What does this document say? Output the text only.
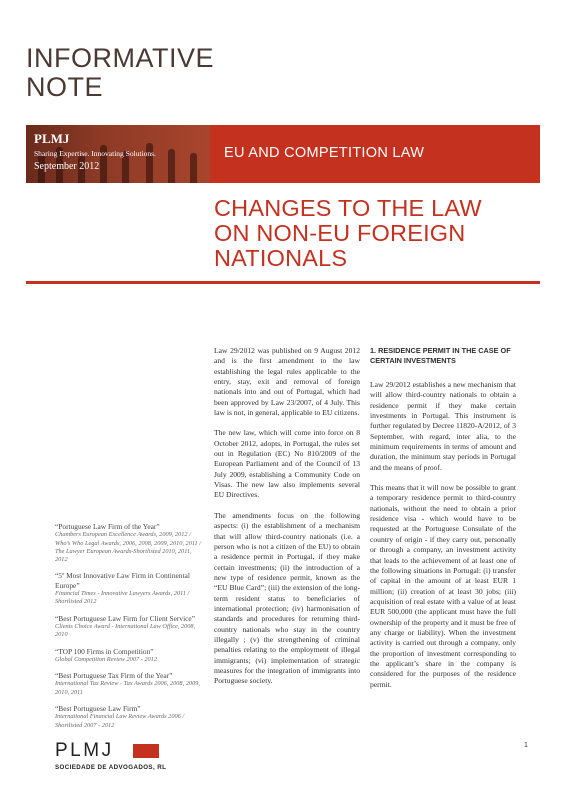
INFORMATIVE
NOTE
PLMJ
Sharing Expertise. Innovating Solutions.
September 2012
EU AND COMPETITION LAW
CHANGES TO THE LAW
ON NON-EU FOREIGN
NATIONALS

Law 29/2012 was published on 9 August 2012 and is the first amendment to the law establishing the legal rules applicable to the entry, stay, exit and removal of foreign nationals into and out of Portugal, which had been approved by Law 23/2007, of 4 July. This law is not, in general, applicable to EU citizens.

The new law, which will come into force on 8 October 2012, adopts, in Portugal, the rules set out in Regulation (EC) No 810/2009 of the European Parliament and of the Council of 13 July 2009, establishing a Community Code on Visas. The new law also implements several EU Directives.

The amendments focus on the following aspects: (i) the establishment of a mechanism that will allow third-country nationals (i.e. a person who is not a citizen of the EU) to obtain a residence permit in Portugal, if they make certain investments; (ii) the introduction of a new type of residence permit, known as the “EU Blue Card”; (iii) the extension of the long-term resident status to beneficiaries of international protection; (iv) harmonisation of standards and procedures for returning third-country nationals who stay in the country illegally ; (v) the strengthening of criminal penalties relating to the employment of illegal immigrants; (vi) implementation of strategic measures for the integration of immigrants into Portuguese society.

1. RESIDENCE PERMIT IN THE CASE OF CERTAIN INVESTMENTS

Law 29/2012 establishes a new mechanism that will allow third-country nationals to obtain a residence permit if they make certain investments in Portugal. This instrument is further regulated by Decree 11820-A/2012, of 3 September, with regard, inter alia, to the minimum requirements in terms of amount and duration, the minimum stay periods in Portugal and the means of proof.

This means that it will now be possible to grant a temporary residence permit to third-country nationals, without the need to obtain a prior residence visa - which would have to be requested at the Portuguese Consulate of the country of origin - if they carry out, personally or through a company, an investment activity that leads to the achievement of at least one of the following situations in Portugal: (i) transfer of capital in the amount of at least EUR 1 million; (ii) creation of at least 30 jobs; (iii) acquisition of real estate with a value of at least EUR 500,000 (the applicant must have the full ownership of the property and it must be free of any charge or liability). When the investment activity is carried out through a company, only the proportion of investment corresponding to the applicant’s share in the company is considered for the purposes of the residence permit.

“Portuguese Law Firm of the Year”
Chambers European Excellence Awards, 2009, 2012 / Who’s Who Legal Awards, 2006, 2008, 2009, 2010, 2011 / The Lawyer European Awards-Shortlisted 2010, 2011, 2012
“5º Most Innovative Law Firm in Continental Europe”
Financial Times - Innovative Lawyers Awards, 2011 / Shortlisted 2012
“Best Portuguese Law Firm for Client Service”
Clients Choice Award - International Law Office, 2008, 2010
“TOP 100 Firms in Competition”
Global Competition Review 2007 - 2012
“Best Portuguese Tax Firm of the Year”
International Tax Review - Tax Awards 2006, 2008, 2009, 2010, 2011
“Best Portuguese Law Firm”
International Financial Law Review Awards 2006 / Shortlisted 2007 - 2012
PLMJ
SOCIEDADE DE ADVOGADOS, RL
1
